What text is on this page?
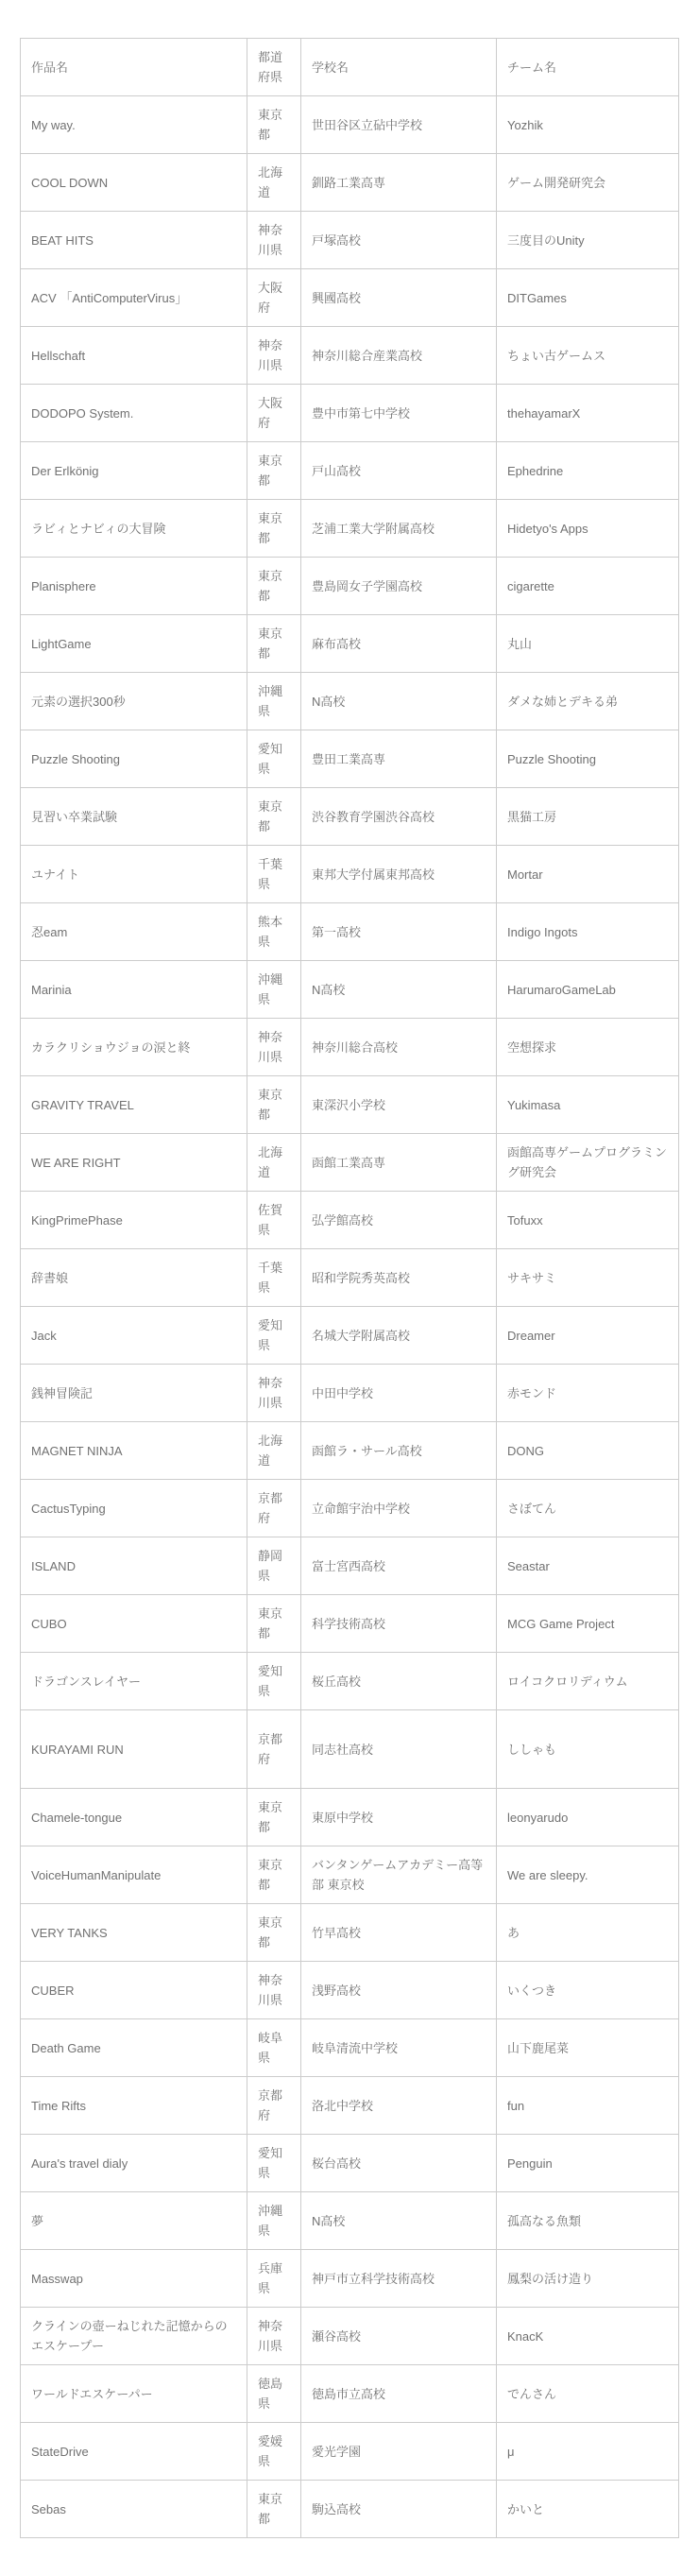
作品名	都道府県	学校名	チーム名
My way.	東京都	世田谷区立砧中学校	Yozhik
COOL DOWN	北海道	釧路工業高専	ゲーム開発研究会
BEAT HITS	神奈川県	戸塚高校	三度目のUnity
ACV 「AntiComputerVirus」	大阪府	興國高校	DITGames
Hellschaft	神奈川県	神奈川総合産業高校	ちょい古ゲームス
DODOPO System.	大阪府	豊中市第七中学校	thehayamarX
Der Erlkönig	東京都	戸山高校	Ephedrine
ラビィとナビィの大冒険	東京都	芝浦工業大学附属高校	Hidetyo's Apps
Planisphere	東京都	豊島岡女子学園高校	cigarette
LightGame	東京都	麻布高校	丸山
元素の選択300秒	沖縄県	N高校	ダメな姉とデキる弟
Puzzle Shooting	愛知県	豊田工業高専	Puzzle Shooting
見習い卒業試験	東京都	渋谷教育学園渋谷高校	黒猫工房
ユナイト	千葉県	東邦大学付属東邦高校	Mortar
忍eam	熊本県	第一高校	Indigo Ingots
Marinia	沖縄県	N高校	HarumaroGameLab
カラクリショウジョの涙と終	神奈川県	神奈川総合高校	空想探求
GRAVITY TRAVEL	東京都	東深沢小学校	Yukimasa
WE ARE RIGHT	北海道	函館工業高専	函館高専ゲームプログラミング研究会
KingPrimePhase	佐賀県	弘学館高校	Tofuxx
辞書娘	千葉県	昭和学院秀英高校	サキサミ
Jack	愛知県	名城大学附属高校	Dreamer
銭神冒険記	神奈川県	中田中学校	赤モンド
MAGNET NINJA	北海道	函館ラ・サール高校	DONG
CactusTyping	京都府	立命館宇治中学校	さぼてん
ISLAND	静岡県	富士宮西高校	Seastar
CUBO	東京都	科学技術高校	MCG Game Project
ドラゴンスレイヤー	愛知県	桜丘高校	ロイコクロリディウム
KURAYAMI RUN	京都府	同志社高校	ししゃも
Chamele-tongue	東京都	東原中学校	leonyarudo
VoiceHumanManipulate	東京都	バンタンゲームアカデミー高等部 東京校	We are sleepy.
VERY TANKS	東京都	竹早高校	あ
CUBER	神奈川県	浅野高校	いくつき
Death Game	岐阜県	岐阜清流中学校	山下鹿尾菜
Time Rifts	京都府	洛北中学校	fun
Aura's travel dialy	愛知県	桜台高校	Penguin
夢	沖縄県	N高校	孤高なる魚類
Masswap	兵庫県	神戸市立科学技術高校	鳳梨の活け造り
クラインの壺ーねじれた記憶からのエスケープー	神奈川県	瀬谷高校	KnacK
ワールドエスケーパー	徳島県	徳島市立高校	でんさん
StateDrive	愛媛県	愛光学園	μ
Sebas	東京都	駒込高校	かいと
